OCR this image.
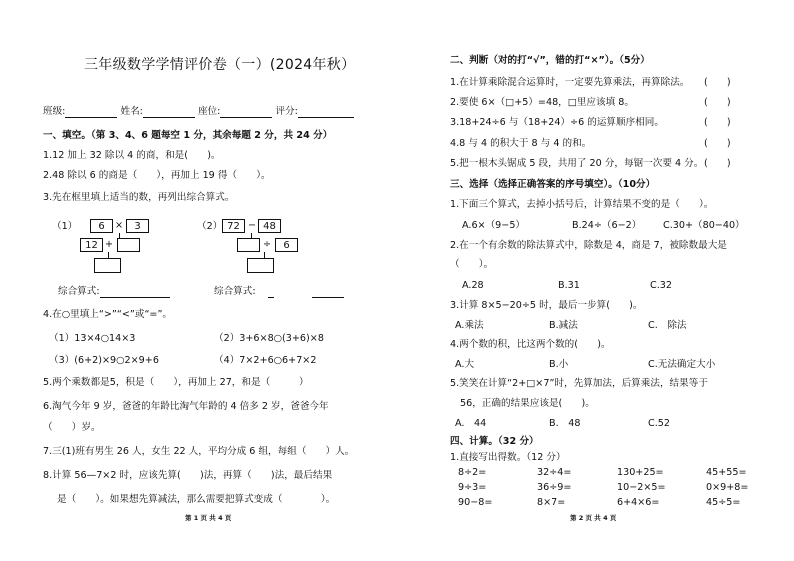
三年级数学学情评价卷（一）(2024年秋）
班级:	姓名:	座位:	评分:
一、填空。（第 3、4、6 题每空 1 分，其余每题 2 分，共 24 分）
1.12 加上 32 除以 4 的商，和是(　　)。
2.48 除以 6 的商是（　　），再加上 19 得（　　）。
3.先在框里填上适当的数，再列出综合算式。
（1）	6	×	3
12 +
（2） 72 − 48
÷	6
综合算式:	综合算式:
4.在○里填上“>”“<”或“=”。
（1）13×4○14×3	（2）3+6×8○(3+6)×8
（3）(6+2)×9○2×9+6	（4）7×2+6○6+7×2
5.两个乘数都是5，积是（　　），再加上 27，和是（　　　）
6.淘气今年 9 岁，爸爸的年龄比淘气年龄的 4 倍多 2 岁，爸爸今年
（　　）岁。
7.三(1)班有男生 26 人，女生 22 人，平均分成 6 组，每组（　　）人。
8.计算 56—7×2 时，应该先算(　　)法，再算（　　)法，最后结果
是（　　）。如果想先算减法，那么需要把算式变成（　　　　）。
第 1 页 共 4 页
二、判断（对的打“√”，错的打“×”）。（5分）
1.在计算乘除混合运算时，一定要先算乘法，再算除法。 (　　)
2.要使 6×（□+5）=48，□里应该填 8。	(　　)
3.18+24÷6 与（18+24）÷6 的运算顺序相同。	(　　)
4.8 与 4 的积大于 8 与 4 的和。	(　　)
5.把一根木头锯成 5 段，共用了 20 分，每锯一次要 4 分。 (　　)
三、选择（选择正确答案的序号填空）。（10分）
1.下面三个算式，去掉小括号后，计算结果不变的是（　　）。
A.6×（9−5）	B.24÷（6−2） C.30+（80−40）
2.在一个有余数的除法算式中，除数是 4，商是 7，被除数最大是
（　　）。
A.28	B.31	C.32
3.计算 8×5−20÷5 时，最后一步算(　　)。
A.乘法	B.减法	C.　除法
4.两个数的积，比这两个数的(　　)。
A.大	B.小	C.无法确定大小
5.笑笑在计算“2+□×7”时，先算加法，后算乘法，结果等于
56，正确的结果应该是(　　)。
A.　44	B.　48	C.52
四、计算。（32 分）
1.直接写出得数。（12 分）
8÷2=	32÷4=	130+25=	45+55=
9÷3=	36÷9=	10−2×5=	0×9+8=
90−8=	8×7=	6+4×6=	45÷5=
第 2 页 共 4 页
